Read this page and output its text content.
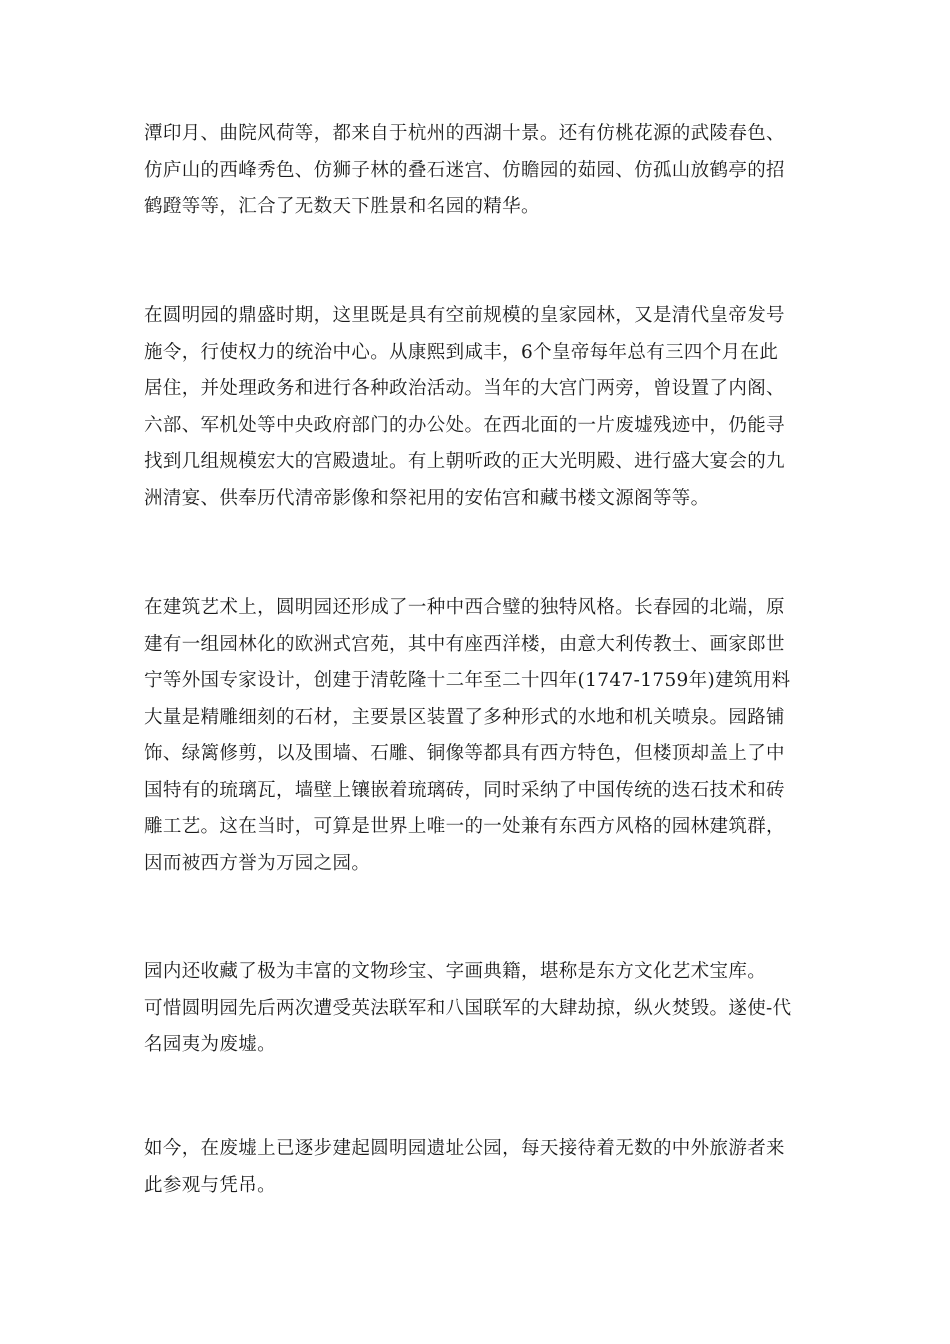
潭印月、曲院风荷等，都来自于杭州的西湖十景。还有仿桃花源的武陵春色、
仿庐山的西峰秀色、仿狮子林的叠石迷宫、仿瞻园的茹园、仿孤山放鹤亭的招
鹤蹬等等，汇合了无数天下胜景和名园的精华。

在圆明园的鼎盛时期，这里既是具有空前规模的皇家园林，又是清代皇帝发号
施令，行使权力的统治中心。从康熙到咸丰，6个皇帝每年总有三四个月在此
居住，并处理政务和进行各种政治活动。当年的大宫门两旁，曾设置了内阁、
六部、军机处等中央政府部门的办公处。在西北面的一片废墟残迹中，仍能寻
找到几组规模宏大的宫殿遗址。有上朝听政的正大光明殿、进行盛大宴会的九
洲清宴、供奉历代清帝影像和祭祀用的安佑宫和藏书楼文源阁等等。

在建筑艺术上，圆明园还形成了一种中西合璧的独特风格。长春园的北端，原
建有一组园林化的欧洲式宫苑，其中有座西洋楼，由意大利传教士、画家郎世
宁等外国专家设计，创建于清乾隆十二年至二十四年(1747-1759年)建筑用料
大量是精雕细刻的石材，主要景区装置了多种形式的水地和机关喷泉。园路铺
饰、绿篱修剪，以及围墙、石雕、铜像等都具有西方特色，但楼顶却盖上了中
国特有的琉璃瓦，墙壁上镶嵌着琉璃砖，同时采纳了中国传统的迭石技术和砖
雕工艺。这在当时，可算是世界上唯一的一处兼有东西方风格的园林建筑群，
因而被西方誉为万园之园。

园内还收藏了极为丰富的文物珍宝、字画典籍，堪称是东方文化艺术宝库。
可惜圆明园先后两次遭受英法联军和八国联军的大肆劫掠，纵火焚毁。遂使-代
名园夷为废墟。

如今，在废墟上已逐步建起圆明园遗址公园，每天接待着无数的中外旅游者来
此参观与凭吊。
